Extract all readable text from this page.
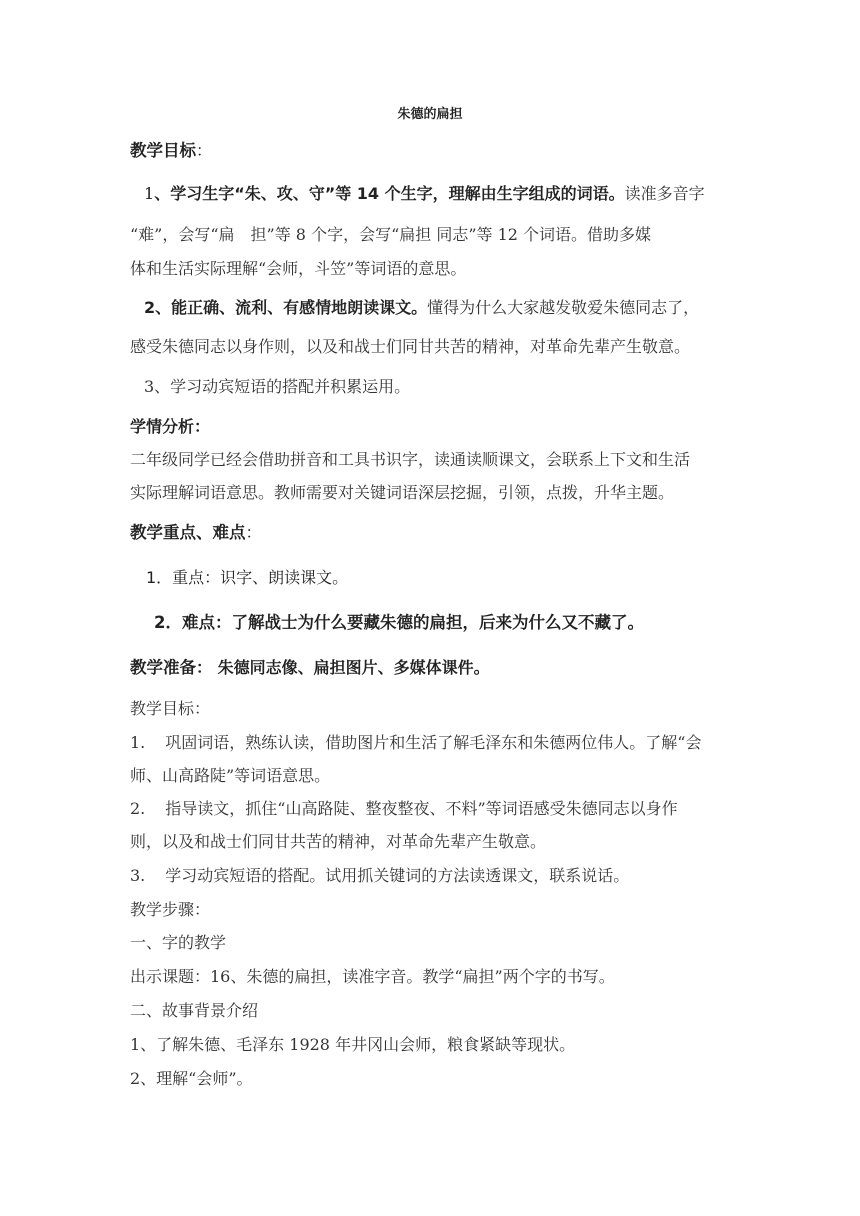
朱德的扁担
教学目标：
1、学习生字“朱、攻、守”等 14 个生字，理解由生字组成的词语。读准多音字
“难”，会写“扁　担”等 8 个字，会写“扁担 同志”等 12 个词语。借助多媒
体和生活实际理解“会师，斗笠”等词语的意思。
2、能正确、流利、有感情地朗读课文。懂得为什么大家越发敬爱朱德同志了，
感受朱德同志以身作则，以及和战士们同甘共苦的精神，对革命先辈产生敬意。
3、学习动宾短语的搭配并积累运用。
学情分析：
二年级同学已经会借助拼音和工具书识字，读通读顺课文，会联系上下文和生活
实际理解词语意思。教师需要对关键词语深层挖掘，引领，点拨，升华主题。
教学重点、难点：
1．重点：识字、朗读课文。
2．难点：了解战士为什么要藏朱德的扁担，后来为什么又不藏了。
教学准备： 朱德同志像、扁担图片、多媒体课件。
教学目标：
1. 巩固词语，熟练认读，借助图片和生活了解毛泽东和朱德两位伟人。了解“会
师、山高路陡”等词语意思。
2. 指导读文，抓住“山高路陡、整夜整夜、不料”等词语感受朱德同志以身作
则，以及和战士们同甘共苦的精神，对革命先辈产生敬意。
3. 学习动宾短语的搭配。试用抓关键词的方法读透课文，联系说话。
教学步骤：
一、字的教学
出示课题：16、朱德的扁担，读准字音。教学“扁担”两个字的书写。
二、故事背景介绍
1、了解朱德、毛泽东 1928 年井冈山会师，粮食紧缺等现状。
2、理解“会师”。
